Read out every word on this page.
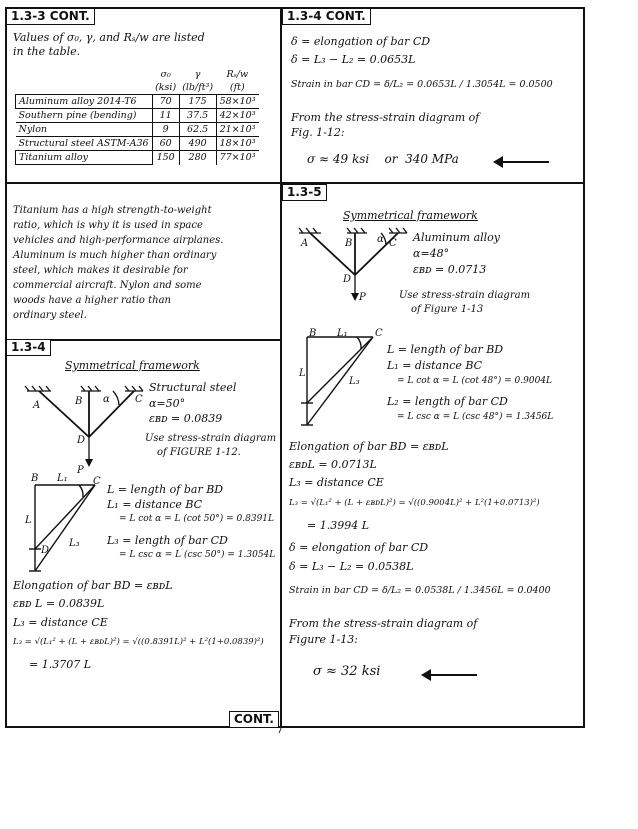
1.3-3 CONT.
Values of σ₀, γ, and Rₛ/w are listed
in the table.
	σ₀	γ	Rₛ/w
	(ksi)	(lb/ft³)	(ft)
Aluminum alloy 2014-T6	70	175	58×10³
Southern pine (bending)	11	37.5	42×10³
Nylon	9	62.5	21×10³
Structural steel ASTM-A36	60	490	18×10³
Titanium alloy	150	280	77×10³
Titanium has a high strength-to-weight
ratio, which is why it is used in space
vehicles and high-performance airplanes.
Aluminum is much higher than ordinary
steel, which makes it desirable for
commercial aircraft. Nylon and some
woods have a higher ratio than
ordinary steel.
1.3-4
Symmetrical framework
A	B α	C
D
P
Structural steel
α=50°
εʙᴅ = 0.0839
Use stress-strain diagram
of FIGURE 1-12.
B L₁	C
L
L₃
D
L = length of bar BD
L₁ = distance BC
= L cot α = L (cot 50°) = 0.8391L
L₃ = length of bar CD
= L csc α = L (csc 50°) = 1.3054L
Elongation of bar BD = εʙᴅL
εʙᴅ L = 0.0839L
L₃ = distance CE
L₃ = √(L₁² + (L + εʙᴅL)²) = √((0.8391L)² + L²(1+0.0839)²)
= 1.3707 L
CONT.
1.3-4 CONT.
δ = elongation of bar CD
δ = L₃ − L₂ = 0.0653L
Strain in bar CD = δ/L₂ = 0.0653L / 1.3054L = 0.0500
From the stress-strain diagram of
Fig. 1-12:
σ ≈ 49 ksi    or  340 MPa
1.3-5
Symmetrical framework
A	B α C
D
P
Aluminum alloy
α=48°
εʙᴅ = 0.0713
Use stress-strain diagram
of Figure 1-13
B L₁	C
L
L₃
L = length of bar BD
L₁ = distance BC
= L cot α = L (cot 48°) = 0.9004L
L₂ = length of bar CD
= L csc α = L (csc 48°) = 1.3456L
Elongation of bar BD = εʙᴅL
εʙᴅL = 0.0713L
L₃ = distance CE
L₃ = √(L₁² + (L + εʙᴅL)²) = √((0.9004L)² + L²(1+0.0713)²)
= 1.3994 L
δ = elongation of bar CD
δ = L₃ − L₂ = 0.0538L
Strain in bar CD = δ/L₂ = 0.0538L / 1.3456L = 0.0400
From the stress-strain diagram of
Figure 1-13:
σ ≈ 32 ksi
7
